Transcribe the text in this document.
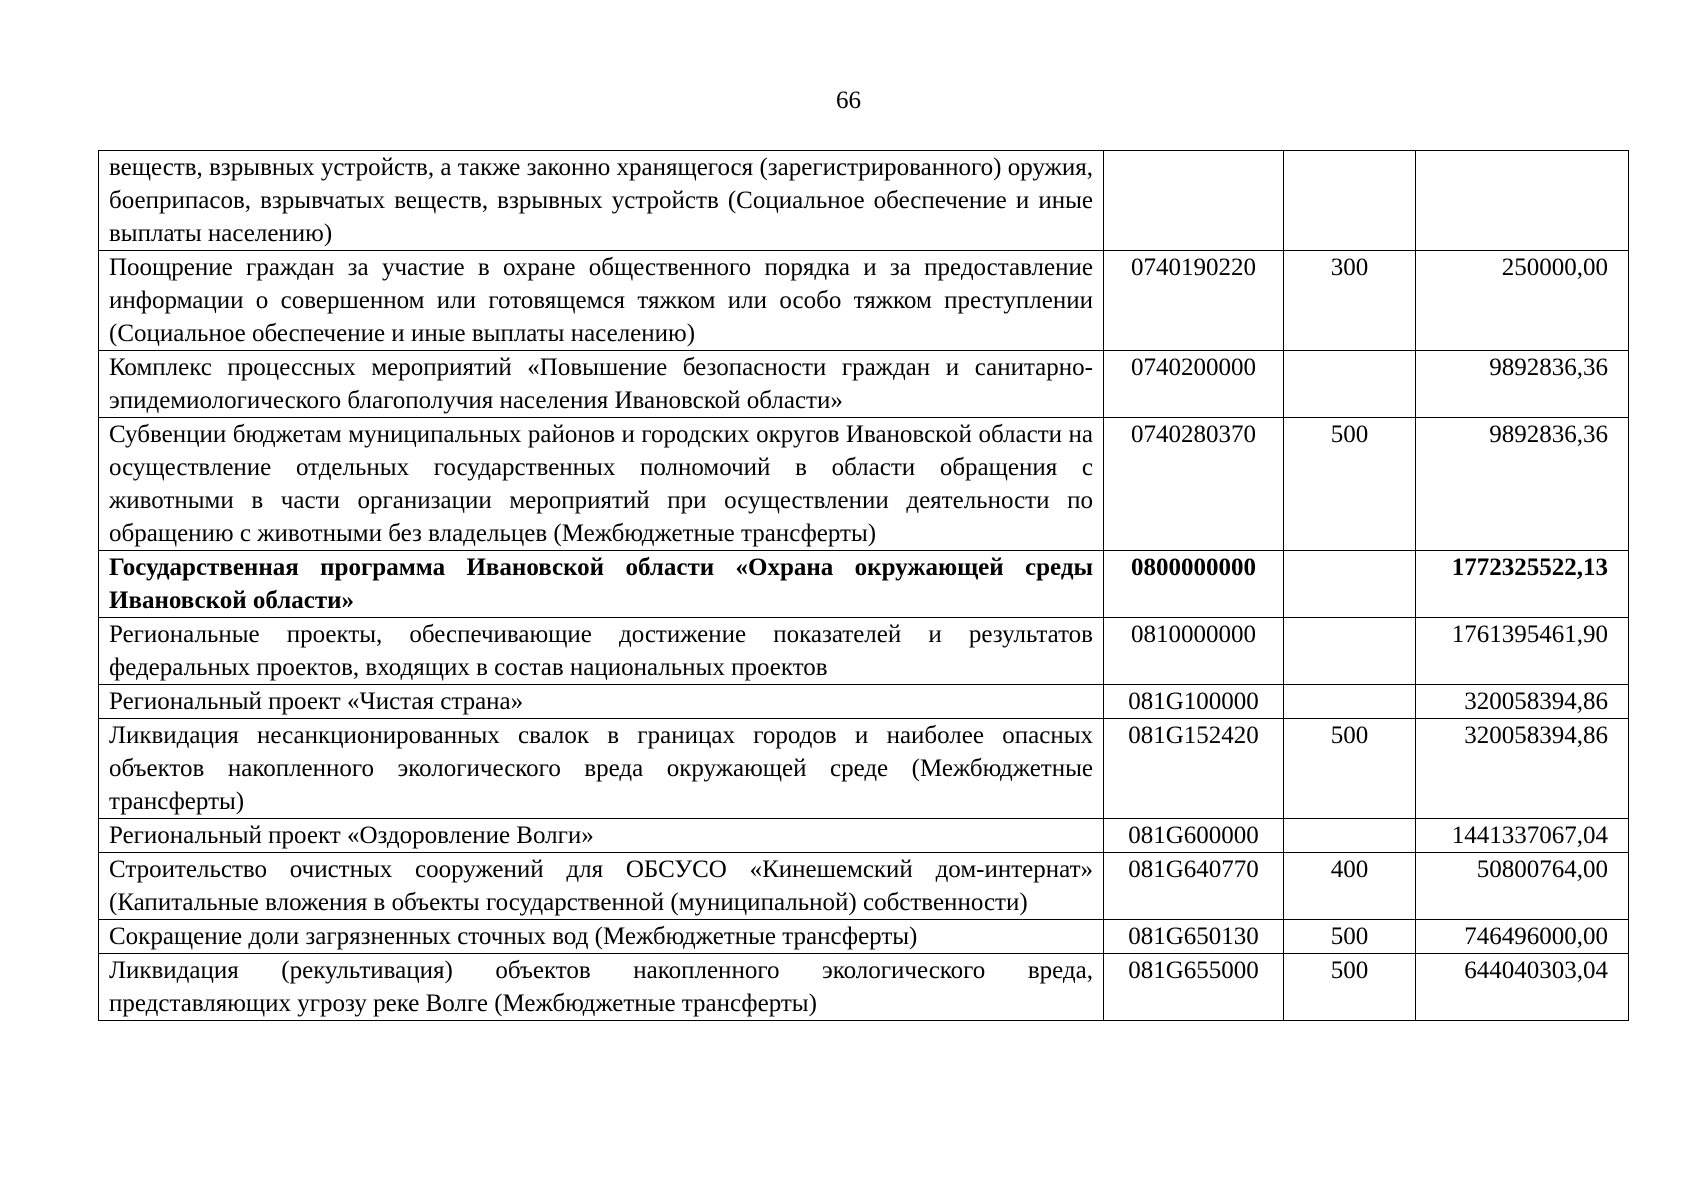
66
веществ, взрывных устройств, а также законно хранящегося (зарегистрированного) оружия, боеприпасов, взрывчатых веществ, взрывных устройств (Социальное обеспечение и иные выплаты населению)			
Поощрение граждан за участие в охране общественного порядка и за предоставление информации о совершенном или готовящемся тяжком или особо тяжком преступлении (Социальное обеспечение и иные выплаты населению)	0740190220	300	250000,00
Комплекс процессных мероприятий «Повышение безопасности граждан и санитарно-эпидемиологического благополучия населения Ивановской области»	0740200000		9892836,36
Субвенции бюджетам муниципальных районов и городских округов Ивановской области на осуществление отдельных государственных полномочий в области обращения с животными в части организации мероприятий при осуществлении деятельности по обращению с животными без владельцев (Межбюджетные трансферты)	0740280370	500	9892836,36
Государственная программа Ивановской области «Охрана окружающей среды Ивановской области»	0800000000		1772325522,13
Региональные проекты, обеспечивающие достижение показателей и результатов федеральных проектов, входящих в состав национальных проектов	0810000000		1761395461,90
Региональный проект «Чистая страна»	081G100000		320058394,86
Ликвидация несанкционированных свалок в границах городов и наиболее опасных объектов накопленного экологического вреда окружающей среде (Межбюджетные трансферты)	081G152420	500	320058394,86
Региональный проект «Оздоровление Волги»	081G600000		1441337067,04
Строительство очистных сооружений для ОБСУСО «Кинешемский дом-интернат» (Капитальные вложения в объекты государственной (муниципальной) собственности)	081G640770	400	50800764,00
Сокращение доли загрязненных сточных вод (Межбюджетные трансферты)	081G650130	500	746496000,00
Ликвидация (рекультивация) объектов накопленного экологического вреда, представляющих угрозу реке Волге (Межбюджетные трансферты)	081G655000	500	644040303,04
